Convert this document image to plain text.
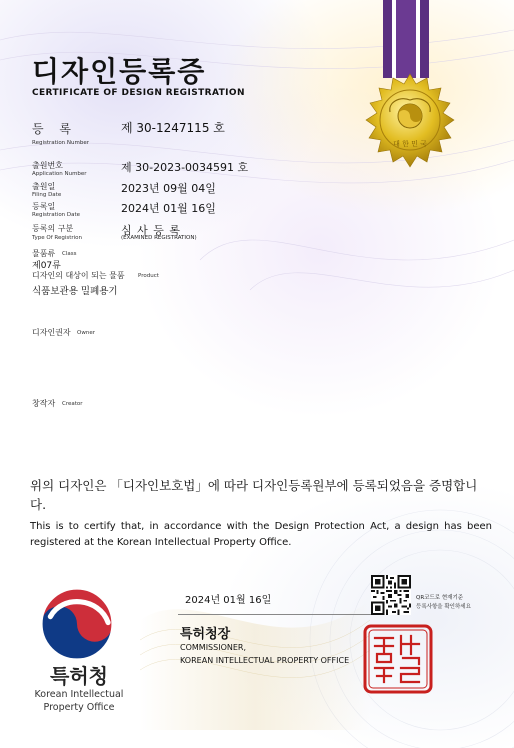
대 한 민 국
디자인등록증
CERTIFICATE OF DESIGN REGISTRATION
등 록
Registration Number
제 30-1247115 호
출원번호
Application Number	제 30-2023-0034591 호
출원일
Filing Date	2023년 09월 04일
등록일
Registration Date	2024년 01월 16일
등록의 구분
Type Of Registrion
심 사 등 록
(EXAMINED REGISTRATION)
물품류 Class
제07류
디자인의 대상이 되는 물품 Product
식품보관용 밀폐용기
디자인권자 Owner
창작자 Creator
위의 디자인은 「디자인보호법」에 따라 디자인등록원부에 등록되었음을 증명합니다.
This is to certify that, in accordance with the Design Protection Act, a design has been registered at the Korean Intellectual Property Office.
특허청
Korean Intellectual
Property Office
2024년 01월 16일
특허청장
COMMISSIONER,
KOREAN INTELLECTUAL PROPERTY OFFICE
QR코드로 현재기준
등록사항을 확인하세요
